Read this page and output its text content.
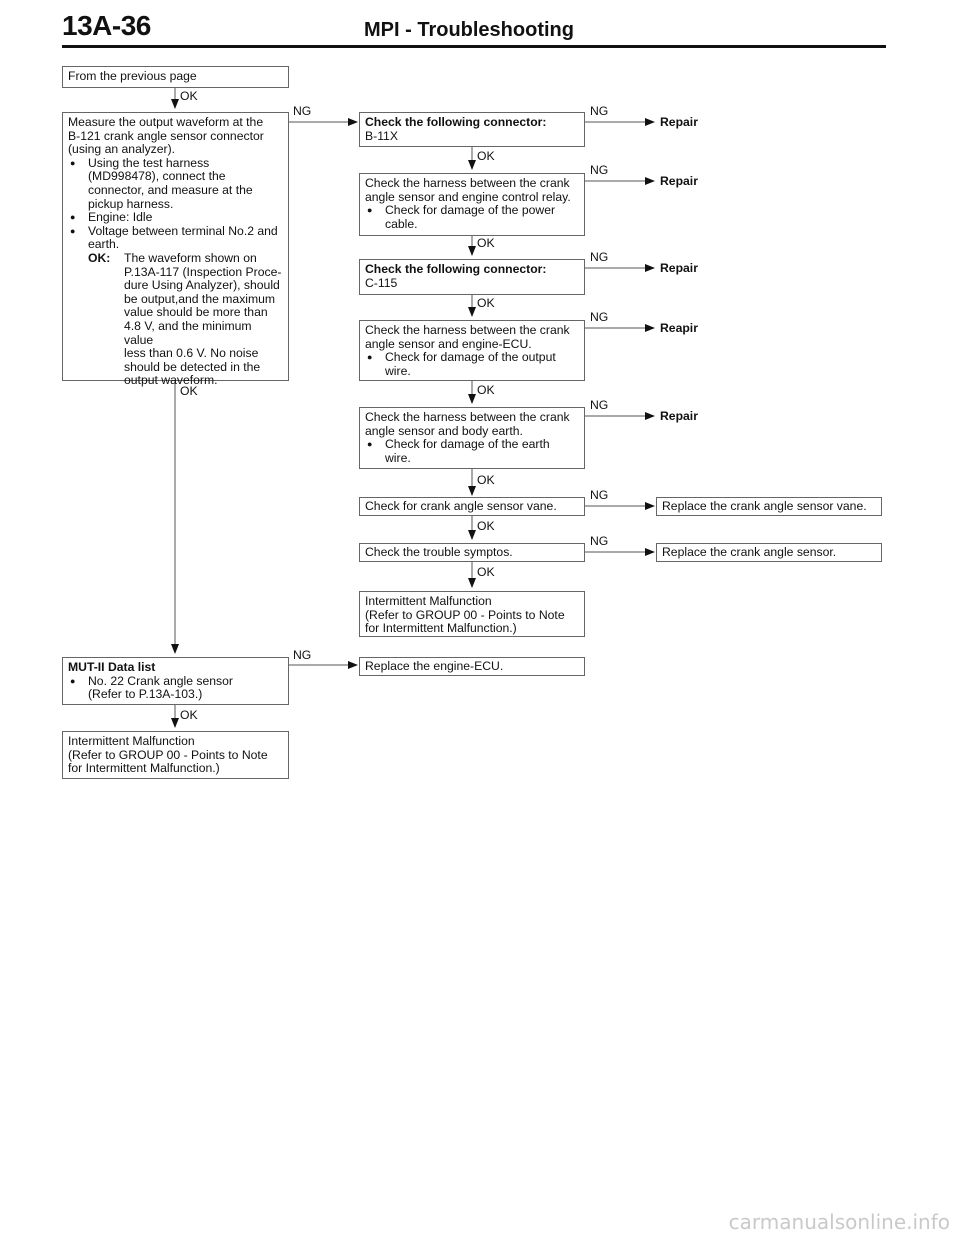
13A-36	MPI - Troubleshooting
From the previous page
Measure the output waveform at the
B-121 crank angle sensor connector
(using an analyzer).
● Using the test harness
(MD998478), connect the
connector, and measure at the
pickup harness.
● Engine: Idle
● Voltage between terminal No.2 and
earth.
OK:	The waveform shown on
P.13A-117 (Inspection Proce-
dure Using Analyzer), should
be output,and the maximum
value should be more than
4.8 V, and the minimum value
less than 0.6 V. No noise
should be detected in the
output waveform.
Check the following connector:
B-11X
Check the harness between the crank
angle sensor and engine control relay.
● Check for damage of the power
cable.
Check the following connector:
C-115
Check the harness between the crank
angle sensor and engine-ECU.
● Check for damage of the output
wire.
Check the harness between the crank
angle sensor and body earth.
● Check for damage of the earth
wire.
Check for crank angle sensor vane.
Check the trouble symptos.
Intermittent Malfunction
(Refer to GROUP 00 - Points to Note
for Intermittent Malfunction.)
MUT-II Data list
● No. 22 Crank angle sensor
(Refer to P.13A-103.)
Replace the engine-ECU.
Intermittent Malfunction
(Refer to GROUP 00 - Points to Note
for Intermittent Malfunction.)
Replace the crank angle sensor vane.
Replace the crank angle sensor.
Repair
Repair
Repair
Reapir
Repair
OK
OK
OK
OK
OK
OK
OK
OK
OK
OK
NG
NG
NG
NG
NG
NG
NG
NG
NG
carmanualsonline.info
